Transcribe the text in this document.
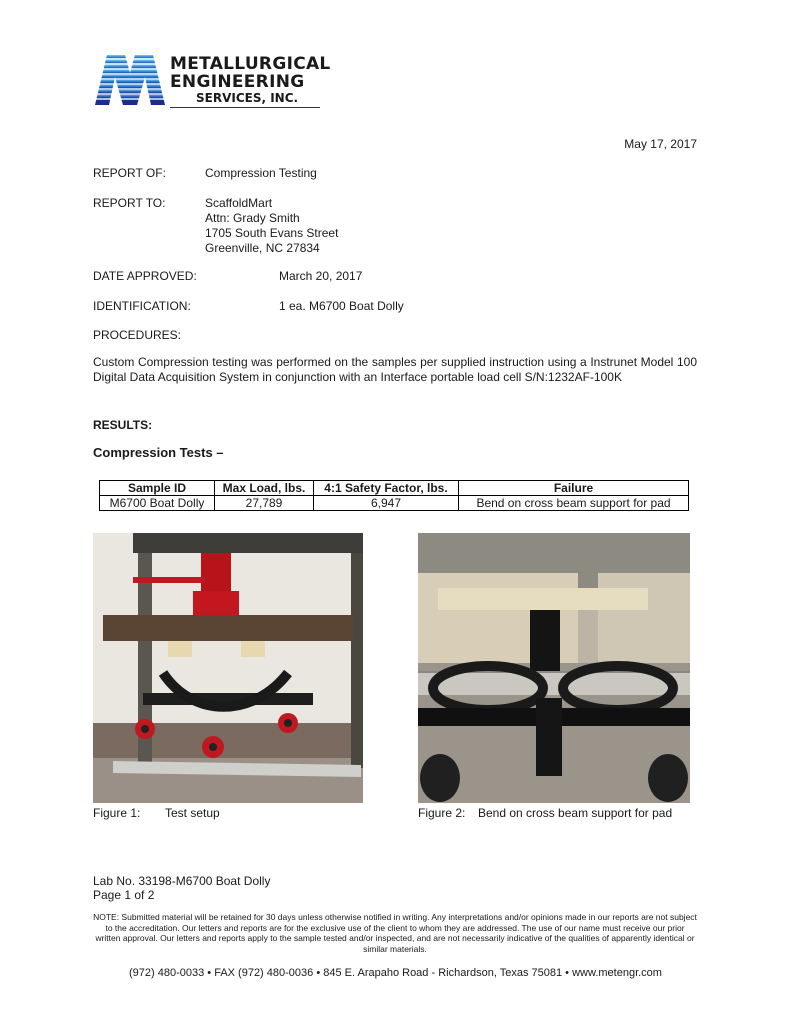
METALLURGICAL
ENGINEERING
SERVICES, INC.
May 17, 2017
REPORT OF:	Compression Testing
REPORT TO:	ScaffoldMart
Attn: Grady Smith
1705 South Evans Street
Greenville, NC 27834
DATE APPROVED:	March 20, 2017
IDENTIFICATION:	1 ea. M6700 Boat Dolly
PROCEDURES:
Custom Compression testing was performed on the samples per supplied instruction using a Instrunet Model 100 Digital Data Acquisition System in conjunction with an Interface portable load cell S/N:1232AF-100K
RESULTS:
Compression Tests –
Sample ID	Max Load, lbs.	4:1 Safety Factor, lbs.	Failure
M6700 Boat Dolly	27,789	6,947	Bend on cross beam support for pad
Figure 1: Test setup	Figure 2: Bend on cross beam support for pad
Lab No. 33198-M6700 Boat Dolly
Page 1 of 2
NOTE: Submitted material will be retained for 30 days unless otherwise notified in writing. Any interpretations and/or opinions made in our reports are not subject to the accreditation. Our letters and reports are for the exclusive use of the client to whom they are addressed. The use of our name must receive our prior written approval. Our letters and reports apply to the sample tested and/or inspected, and are not necessarily indicative of the qualities of apparently identical or similar materials.
(972) 480-0033 • FAX (972) 480-0036 • 845 E. Arapaho Road - Richardson, Texas 75081 • www.metengr.com
